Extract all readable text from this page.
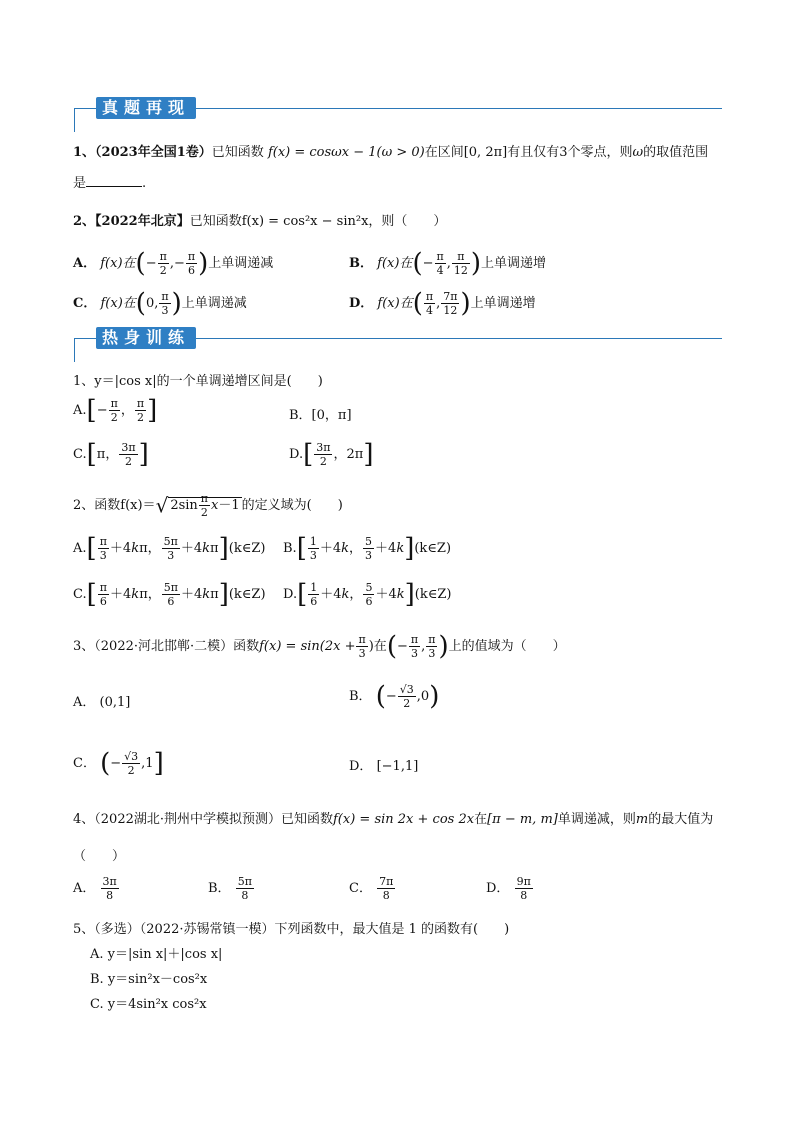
真题再现
1、（2023年全国1卷）已知函数 f(x) = cosωx − 1(ω > 0)在区间[0, 2π]有且仅有3个零点，则ω的取值范围
是	.
2、【2022年北京】已知函数f(x) = cos²x − sin²x，则（　　）
A． f(x)在(− $\frac{\pi}{2}$ ,− $\frac{\pi}{6}$ )上单调递减	B． f(x)在(− $\frac{\pi}{4}$ , $\frac{\pi}{12}$ )上单调递增
C． f(x)在(0, $\frac{\pi}{3}$ )上单调递减	D． f(x)在( $\frac{\pi}{4}$ , $\frac{7\pi}{12}$ )上单调递增
热身训练
1、y＝|cos x|的一个单调递增区间是(　　)
$A.[- \frac{\pi}{2}$ ， $\frac{\pi}{2}$ ]	B．[0，π]
C.[π， $\frac{3\pi}{2}$ ]	$D.[ \frac{3\pi}{2}$ ，2π]
2、函数f(x)＝√ $2\sin \frac{\pi}{2} x-1$ 的定义域为(　　)
$A.[ \frac{\pi}{3} +4k\pi$， $\frac{5\pi}{3}$ ＋4kπ](k∈Z) $B.[ \frac{1}{3} +4k$， $\frac{5}{3}$ ＋4k](k∈Z)
$C.[ \frac{\pi}{6} +4k\pi$， $\frac{5\pi}{6}$ ＋4kπ](k∈Z) $D.[ \frac{1}{6} +4k$， $\frac{5}{6}$ ＋4k](k∈Z)
3、（2022·河北邯郸·二模）函数$f(x) = \sin(2x + \frac{\pi}{3}$ )在(− $\frac{\pi}{3}$ , $\frac{\pi}{3}$ )上的值域为（　　）
A． (0,1]	B． (− $\frac{√3}{2} ,0$)
C． (− $\frac{√3}{2} ,1$]	D． [−1,1]
4、（2022湖北·荆州中学模拟预测）已知函数f(x) = sin 2x + cos 2x在[π − m, m]单调递减，则m的最大值为
（　　）
A． $\frac{3\pi}{8}$	B． $\frac{5\pi}{8}$	C． $\frac{7\pi}{8}$	D． $\frac{9\pi}{8}$
5、（多选）（2022·苏锡常镇一模）下列函数中，最大值是 1 的函数有(　　)
A. y＝|sin x|＋|cos x|
B. y＝sin²x－cos²x
C. y＝4sin²x cos²x
